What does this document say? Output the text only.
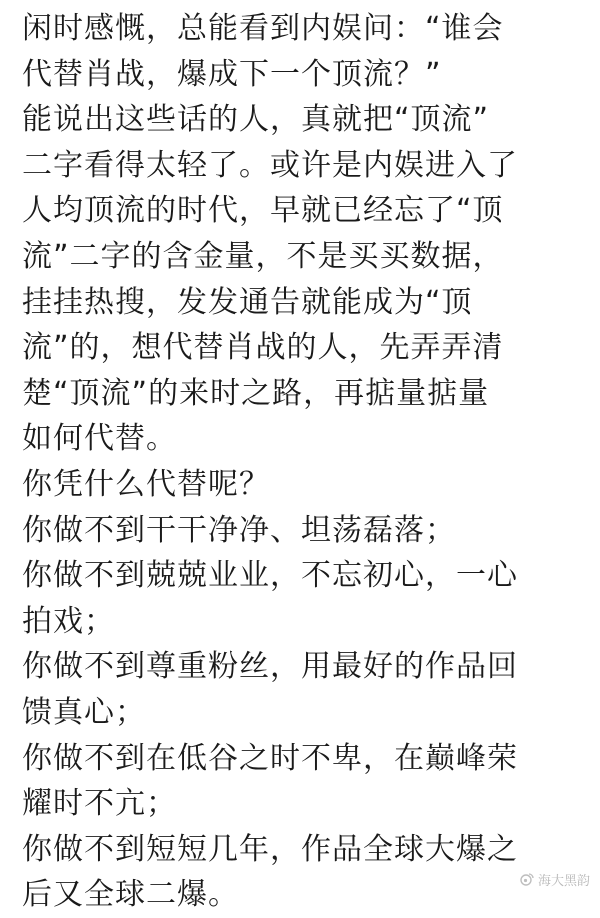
闲时感慨，总能看到内娱问：“谁会
代替肖战，爆成下一个顶流？”
能说出这些话的人，真就把“顶流”
二字看得太轻了。或许是内娱进入了
人均顶流的时代，早就已经忘了“顶
流”二字的含金量，不是买买数据，
挂挂热搜，发发通告就能成为“顶
流”的，想代替肖战的人，先弄弄清
楚“顶流”的来时之路，再掂量掂量
如何代替。
你凭什么代替呢？
你做不到干干净净、坦荡磊落；
你做不到兢兢业业，不忘初心，一心
拍戏；
你做不到尊重粉丝，用最好的作品回
馈真心；
你做不到在低谷之时不卑，在巅峰荣
耀时不亢；
你做不到短短几年，作品全球大爆之
后又全球二爆。	海大黑韵
